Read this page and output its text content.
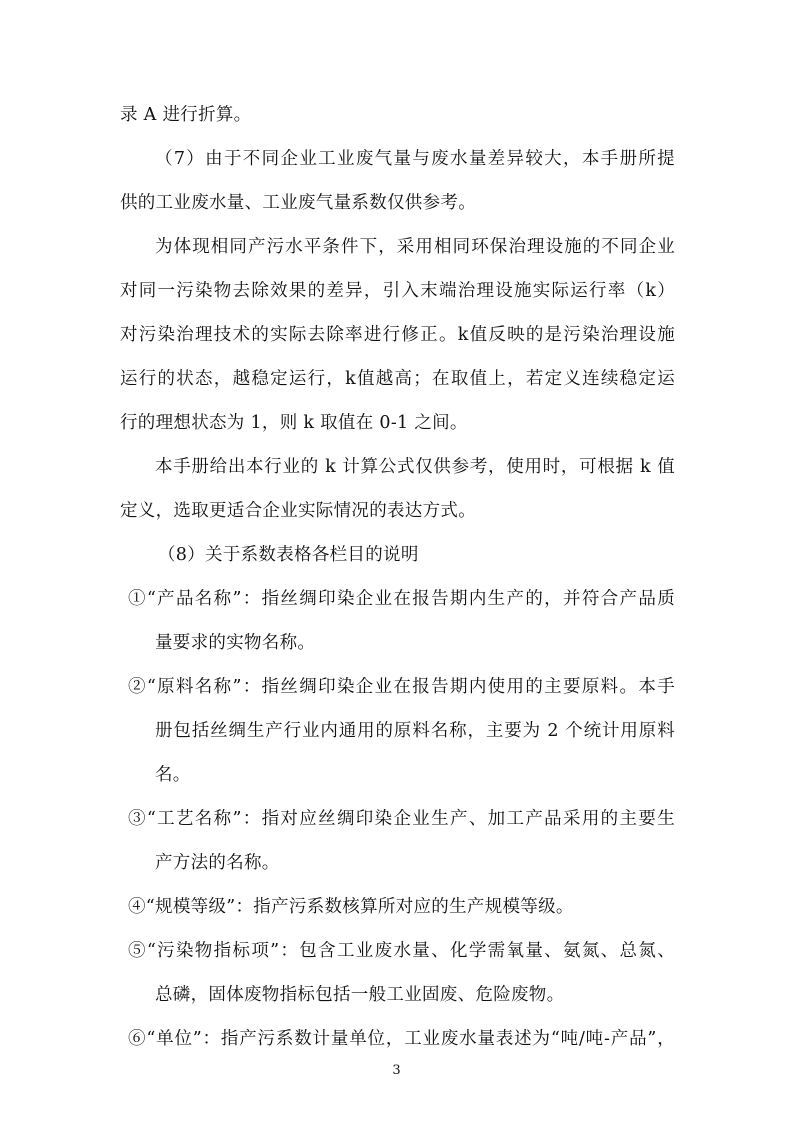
录 A 进行折算。
（7）由于不同企业工业废气量与废水量差异较大，本手册所提
供的工业废水量、工业废气量系数仅供参考。
为体现相同产污水平条件下，采用相同环保治理设施的不同企业
对同一污染物去除效果的差异，引入末端治理设施实际运行率（k）
对污染治理技术的实际去除率进行修正。k值反映的是污染治理设施
运行的状态，越稳定运行，k值越高；在取值上，若定义连续稳定运
行的理想状态为 1，则 k 取值在 0-1 之间。
本手册给出本行业的 k 计算公式仅供参考，使用时，可根据 k 值
定义，选取更适合企业实际情况的表达方式。
（8）关于系数表格各栏目的说明
①“产品名称”：指丝绸印染企业在报告期内生产的，并符合产品质
量要求的实物名称。
②“原料名称”：指丝绸印染企业在报告期内使用的主要原料。本手
册包括丝绸生产行业内通用的原料名称，主要为 2 个统计用原料
名。
③“工艺名称”：指对应丝绸印染企业生产、加工产品采用的主要生
产方法的名称。
④“规模等级”：指产污系数核算所对应的生产规模等级。
⑤“污染物指标项”：包含工业废水量、化学需氧量、氨氮、总氮、
总磷，固体废物指标包括一般工业固废、危险废物。
⑥“单位”：指产污系数计量单位，工业废水量表述为“吨/吨-产品”，
3
